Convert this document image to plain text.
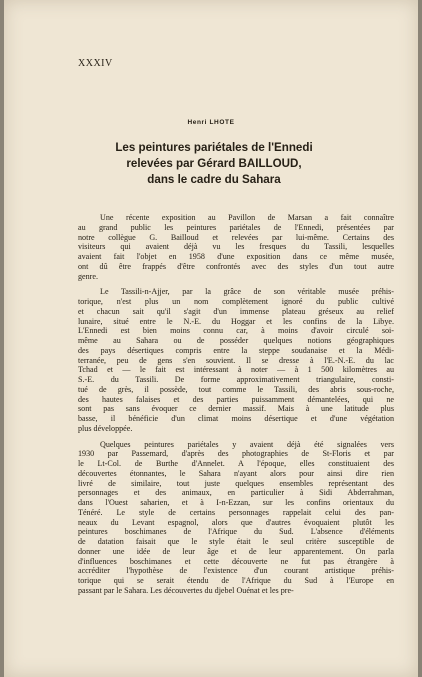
XXXIV
Henri LHOTE
Les peintures pariétales de l'Ennedi
relevées par Gérard BAILLOUD,
dans le cadre du Sahara

Une récente exposition au Pavillon de Marsan a fait connaître
au grand public les peintures pariétales de l'Ennedi, présentées par
notre collègue G. Bailloud et relevées par lui-même. Certains des
visiteurs qui avaient déjà vu les fresques du Tassili, lesquelles
avaient fait l'objet en 1958 d'une exposition dans ce même musée,
ont dû être frappés d'être confrontés avec des styles d'un tout autre
genre.

Le Tassili-n-Ajjer, par la grâce de son véritable musée préhis-
torique, n'est plus un nom complètement ignoré du public cultivé
et chacun sait qu'il s'agit d'un immense plateau gréseux au relief
lunaire, situé entre le N.-E. du Hoggar et les confins de la Libye.
L'Ennedi est bien moins connu car, à moins d'avoir circulé soi-
même au Sahara ou de posséder quelques notions géographiques
des pays désertiques compris entre la steppe soudanaise et la Médi-
terranée, peu de gens s'en souvient. Il se dresse à l'E.-N.-E. du lac
Tchad et — le fait est intéressant à noter — à 1 500 kilomètres au
S.-E. du Tassili. De forme approximativement triangulaire, consti-
tué de grès, il possède, tout comme le Tassili, des abris sous-roche,
des hautes falaises et des parties puissamment démantelées, qui ne
sont pas sans évoquer ce dernier massif. Mais à une latitude plus
basse, il bénéficie d'un climat moins désertique et d'une végétation
plus développée.

Quelques peintures pariétales y avaient déjà été signalées vers
1930 par Passemard, d'après des photographies de St-Floris et par
le Lt-Col. de Burthe d'Annelet. A l'époque, elles constituaient des
découvertes étonnantes, le Sahara n'ayant alors pour ainsi dire rien
livré de similaire, tout juste quelques ensembles représentant des
personnages et des animaux, en particulier à Sidi Abderrahman,
dans l'Ouest saharien, et à I-n-Ezzan, sur les confins orientaux du
Ténéré. Le style de certains personnages rappelait celui des pan-
neaux du Levant espagnol, alors que d'autres évoquaient plutôt les
peintures boschimanes de l'Afrique du Sud. L'absence d'éléments
de datation faisait que le style était le seul critère susceptible de
donner une idée de leur âge et de leur apparentement. On parla
d'influences boschimanes et cette découverte ne fut pas étrangère à
accréditer l'hypothèse de l'existence d'un courant artistique préhis-
torique qui se serait étendu de l'Afrique du Sud à l'Europe en
passant par le Sahara. Les découvertes du djebel Ouénat et les pre-
